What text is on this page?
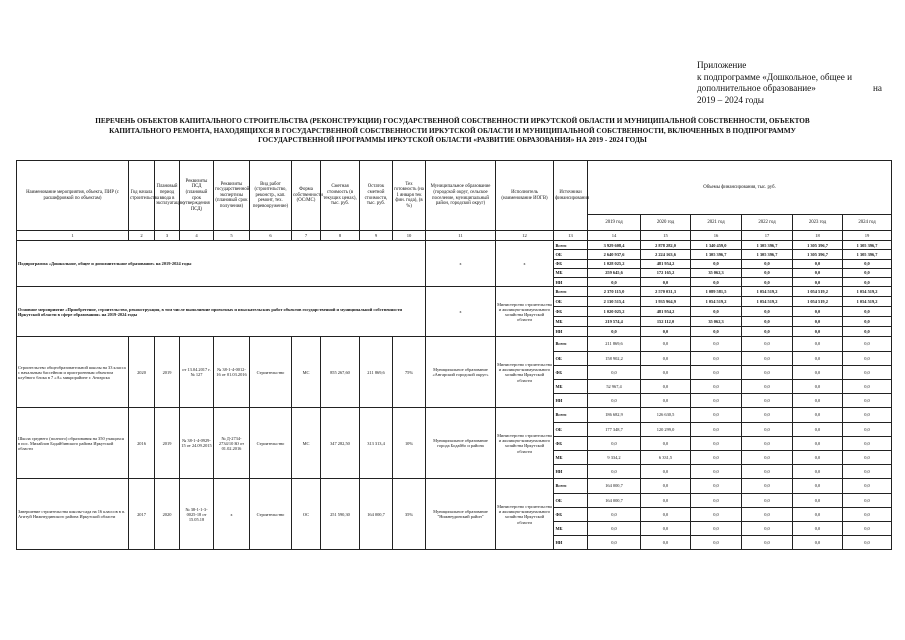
Приложение
к подпрограмме «Дошкольное, общее и
дополнительное образование»	на
2019 – 2024 годы
ПЕРЕЧЕНЬ ОБЪЕКТОВ КАПИТАЛЬНОГО СТРОИТЕЛЬСТВА (РЕКОНСТРУКЦИИ) ГОСУДАРСТВЕННОЙ СОБСТВЕННОСТИ ИРКУТСКОЙ ОБЛАСТИ И МУНИЦИПАЛЬНОЙ СОБСТВЕННОСТИ, ОБЪЕКТОВ
КАПИТАЛЬНОГО РЕМОНТА, НАХОДЯЩИХСЯ В ГОСУДАРСТВЕННОЙ СОБСТВЕННОСТИ ИРКУТСКОЙ ОБЛАСТИ И МУНИЦИПАЛЬНОЙ СОБСТВЕННОСТИ, ВКЛЮЧЕННЫХ В ПОДПРОГРАММУ
ГОСУДАРСТВЕННОЙ ПРОГРАММЫ ИРКУТСКОЙ ОБЛАСТИ «РАЗВИТИЕ ОБРАЗОВАНИЯ» НА 2019 - 2024 ГОДЫ
Наименование мероприятия, объекта, ПИР (с расшифровкой по объектам)	Год начала строительства	Плановый период ввода в эксплуатацию	Реквизиты ПСД (плановый срок утверждения ПСД)	Реквизиты государственной экспертизы (плановый срок получения)	Вид работ (строительство, реконстр., кап. ремонт, тех. перевооружение)	Форма собственности (ОС/МС)	Сметная стоимость (в текущих ценах), тыс. руб.	Остаток сметной стоимости, тыс. руб.	Тех готовность (на 1 января тек фин. года), (в %)	Муниципальное образование (городской округ, сельское поселение, муниципальный район, городской округ)	Исполнитель (наименование ИОГВ)	Источники финансирования	Объемы финансирования, тыс. руб.					
													2019 год	2020 год	2021 год	2022 год	2023 год	2024 год
1	2	3	4	5	6	7	8	9	10	11	12	13	14	15	16	17	18	19
Подпрограмма «Дошкольное, общее и дополнительное образование» на 2019-2024 годы										х	х	Всего	3 929 608,4	2 878 282,0	1 340 459,0	1 305 396,7	1 305 396,7	1 305 396,7
												ОБ	2 640 937,6	2 224 163,6	1 305 396,7	1 305 396,7	1 305 396,7	1 305 396,7
												ФБ	1 028 025,2	481 954,2	0,0	0,0	0,0	0,0
												МБ	259 645,6	172 165,2	35 062,3	0,0	0,0	0,0
												НИ	0,0	0,0	0,0	0,0	0,0	0,0
Основное мероприятие «Приобретение, строительство, реконструкция, в том числе выполнение проектных и изыскательских работ объектов государственной и муниципальной собственности Иркутской области в сфере образования» на 2019-2024 годы										х	Министерство строительства и жилищно-коммунального хозяйства Иркутской области	Всего	2 370 115,0	2 570 031,3	1 089 581,5	1 054 519,2	1 054 519,2	1 054 519,2
												ОБ	2 130 515,4	1 935 964,9	1 054 519,2	1 054 519,2	1 054 519,2	1 054 519,2
												ФБ	1 020 025,2	481 954,2	0,0	0,0	0,0	0,0
												МБ	219 574,4	152 112,0	35 062,3	0,0	0,0	0,0
												НИ	0,0	0,0	0,0	0,0	0,0	0,0
Строительство общеобразовательной школы на 33 класса с начальным бассейном и пристроенным объектом клубного блока в 7 «А» микрорайоне г. Ангарска	2020	2019	от 13.04.2017 г. № 127	№ 38-1-4-0012-16 от 01.03.2016	Строительство	МС	855 267,60	211 869,6	75%	Муниципальное образование «Ангарский городской округ»	Министерство строительства и жилищно-коммунального хозяйства Иркутской области	Всего	211 869,6	0,0	0,0	0,0	0,0	0,0
												ОБ	158 902,2	0,0	0,0	0,0	0,0	0,0
												ФБ	0,0	0,0	0,0	0,0	0,0	0,0
												МБ	52 967,4	0,0	0,0	0,0	0,0	0,0
												НИ	0,0	0,0	0,0	0,0	0,0	0,0
Школа среднего (полного) образования на 350 учащихся в пос. Михайлов Бодайбинского района Иркутской области	2016	2019	№ 38-1-4-0929-15 от 24.09.2015	№ Д-2734-2734/10 Ю от 01.02.2016	Строительство	МС	347 282,50	313 313,4	10%	Муниципальное образование города Бодайбо и района	Министерство строительства и жилищно-коммунального хозяйства Иркутской области	Всего	186 682,9	126 630,5	0,0	0,0	0,0	0,0
												ОБ	177 348,7	120 299,0	0,0	0,0	0,0	0,0
												ФБ	0,0	0,0	0,0	0,0	0,0	0,0
												МБ	9 334,2	6 331,5	0,0	0,0	0,0	0,0
												НИ	0,0	0,0	0,0	0,0	0,0	0,0
Завершение строительства школы-сада на 16 классов в п. Агитуй Нижнеудинского района Иркутской области	2017	2020	№ 38-1-1-3-0025-18 от 15.05.18	х	Строительство	ОС	251 590,30	164 000,7	35%	Муниципальное образование "Нижнеудинский район"	Министерство строительства и жилищно-коммунального хозяйства Иркутской области	Всего	164 000,7	0,0	0,0	0,0	0,0	0,0
												ОБ	164 000,7	0,0	0,0	0,0	0,0	0,0
												ФБ	0,0	0,0	0,0	0,0	0,0	0,0
												МБ	0,0	0,0	0,0	0,0	0,0	0,0
												НИ	0,0	0,0	0,0	0,0	0,0	0,0
